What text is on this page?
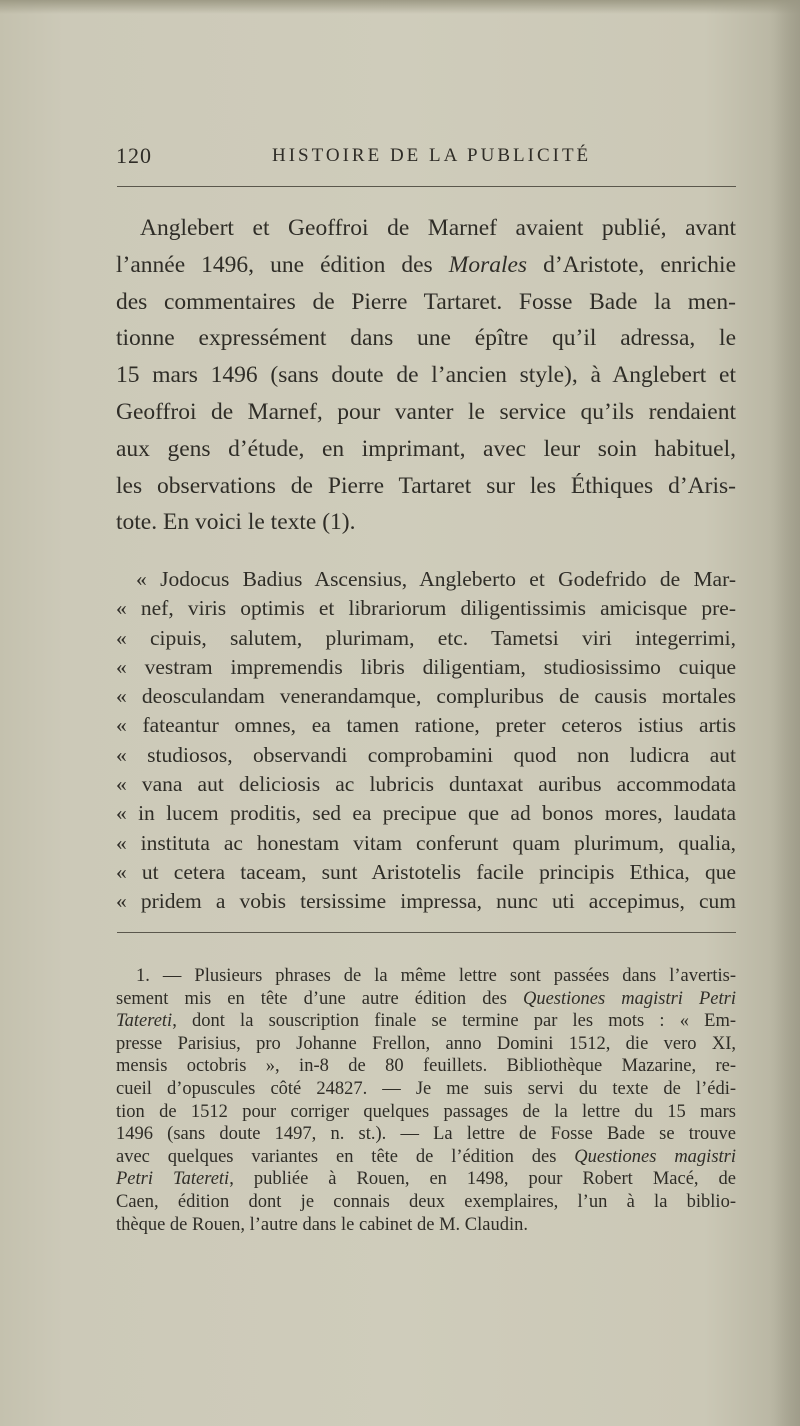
120	HISTOIRE DE LA PUBLICITÉ
Anglebert et Geoffroi de Marnef avaient publié, avant
l’année 1496, une édition des Morales d’Aristote, enrichie
des commentaires de Pierre Tartaret. Fosse Bade la men-
tionne expressément dans une épître qu’il adressa, le
15 mars 1496 (sans doute de l’ancien style), à Anglebert et
Geoffroi de Marnef, pour vanter le service qu’ils rendaient
aux gens d’étude, en imprimant, avec leur soin habituel,
les observations de Pierre Tartaret sur les Éthiques d’Aris-
tote. En voici le texte (1).
« Jodocus Badius Ascensius, Angleberto et Godefrido de Mar-
« nef, viris optimis et librariorum diligentissimis amicisque pre-
« cipuis, salutem, plurimam, etc. Tametsi viri integerrimi,
« vestram impremendis libris diligentiam, studiosissimo cuique
« deosculandam venerandamque, compluribus de causis mortales
« fateantur omnes, ea tamen ratione, preter ceteros istius artis
« studiosos, observandi comprobamini quod non ludicra aut
« vana aut deliciosis ac lubricis duntaxat auribus accommodata
« in lucem proditis, sed ea precipue que ad bonos mores, laudata
« instituta ac honestam vitam conferunt quam plurimum, qualia,
« ut cetera taceam, sunt Aristotelis facile principis Ethica, que
« pridem a vobis tersissime impressa, nunc uti accepimus, cum
1. — Plusieurs phrases de la même lettre sont passées dans l’avertis-
sement mis en tête d’une autre édition des Questiones magistri Petri
Tatereti, dont la souscription finale se termine par les mots : « Em-
presse Parisius, pro Johanne Frellon, anno Domini 1512, die vero XI,
mensis octobris », in-8 de 80 feuillets. Bibliothèque Mazarine, re-
cueil d’opuscules côté 24827. — Je me suis servi du texte de l’édi-
tion de 1512 pour corriger quelques passages de la lettre du 15 mars
1496 (sans doute 1497, n. st.). — La lettre de Fosse Bade se trouve
avec quelques variantes en tête de l’édition des Questiones magistri
Petri Tatereti, publiée à Rouen, en 1498, pour Robert Macé, de
Caen, édition dont je connais deux exemplaires, l’un à la biblio-
thèque de Rouen, l’autre dans le cabinet de M. Claudin.
